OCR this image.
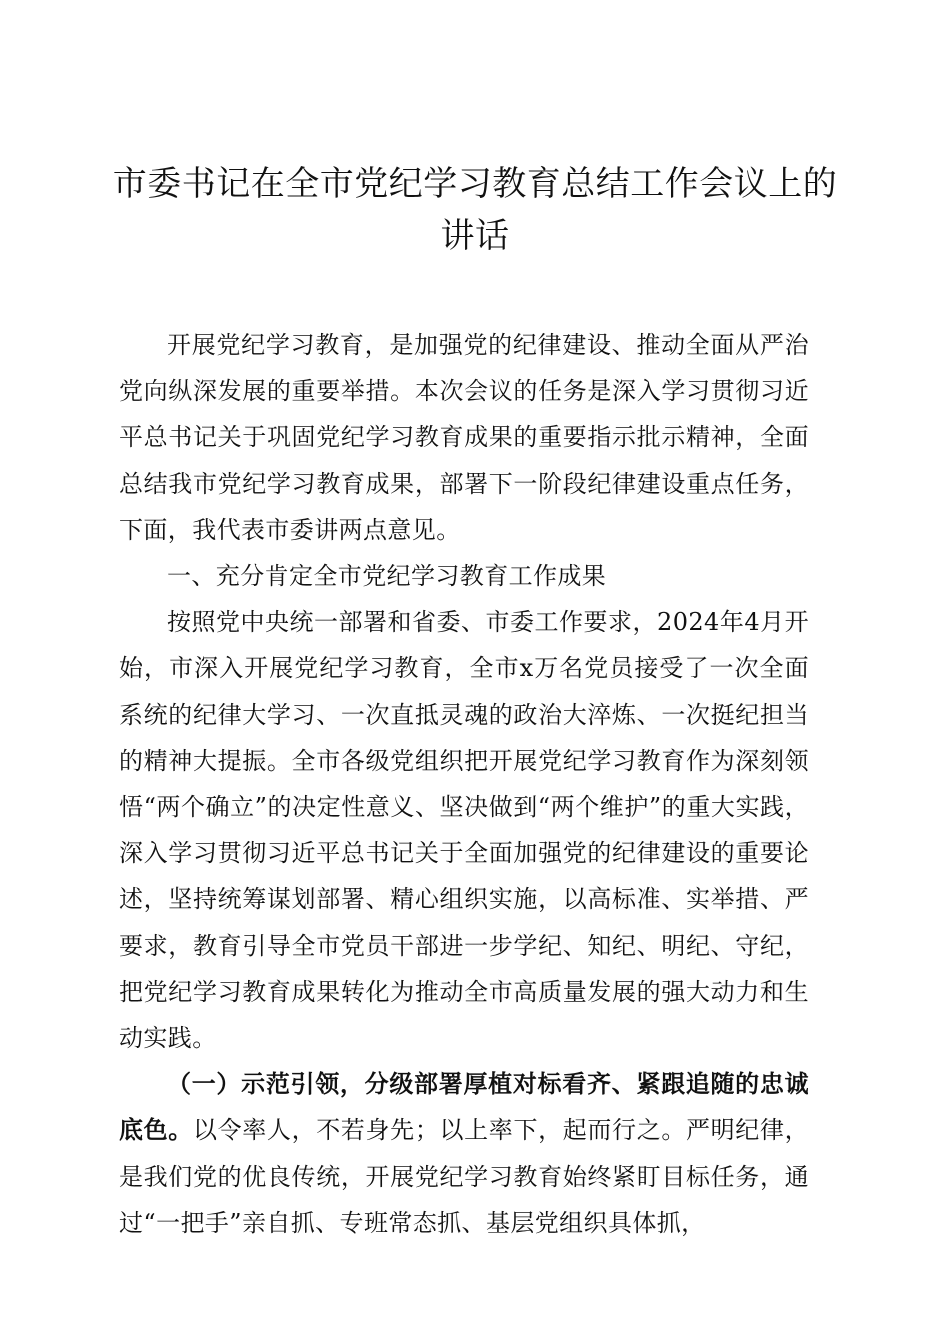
市委书记在全市党纪学习教育总结工作会议上的讲话

开展党纪学习教育，是加强党的纪律建设、推动全面从严治党向纵深发展的重要举措。本次会议的任务是深入学习贯彻习近平总书记关于巩固党纪学习教育成果的重要指示批示精神，全面总结我市党纪学习教育成果，部署下一阶段纪律建设重点任务，下面，我代表市委讲两点意见。

一、充分肯定全市党纪学习教育工作成果

按照党中央统一部署和省委、市委工作要求，2024年4月开始，市深入开展党纪学习教育，全市x万名党员接受了一次全面系统的纪律大学习、一次直抵灵魂的政治大淬炼、一次挺纪担当的精神大提振。全市各级党组织把开展党纪学习教育作为深刻领悟“两个确立”的决定性意义、坚决做到“两个维护”的重大实践，深入学习贯彻习近平总书记关于全面加强党的纪律建设的重要论述，坚持统筹谋划部署、精心组织实施，以高标准、实举措、严要求，教育引导全市党员干部进一步学纪、知纪、明纪、守纪，把党纪学习教育成果转化为推动全市高质量发展的强大动力和生动实践。

（一）示范引领，分级部署厚植对标看齐、紧跟追随的忠诚底色。以令率人，不若身先；以上率下，起而行之。严明纪律，是我们党的优良传统，开展党纪学习教育始终紧盯目标任务，通过“一把手”亲自抓、专班常态抓、基层党组织具体抓，
